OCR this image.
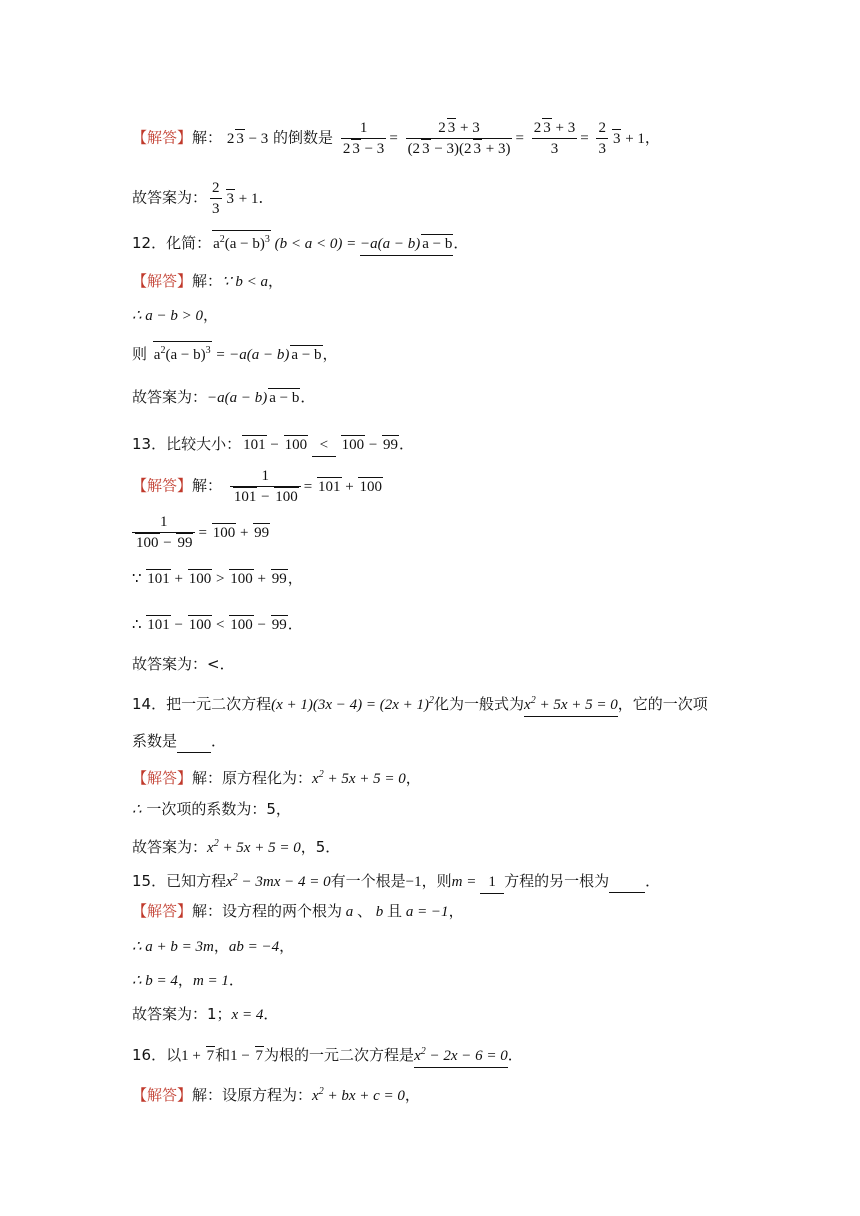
【解答】解： 2 3 − 3 的倒数是 $\frac{1}{2 3 - 3} = \frac{2 3 + 3}{(2 3 - 3)(2 3 + 3)} = \frac{2 3 + 3}{3} = \frac{2}{3} 3 + 1$，
故答案为： $\frac{2}{3} 3 + 1$．
12．化简： $a^2(a - b)^3$ (b < a < 0) = −a(a − b) a − b．
【解答】解：∵ b < a，
∴ a − b > 0，
则 $a^2(a - b)^3 = -a(a - b) a - b$，
故答案为：−a(a − b) a − b．
13．比较大小： 101 − 100 < 100 − 99．
【解答】解： $\frac{1}{101 - 100} = 101 + 100$
$\frac{1}{100 - 99} = 100 + 99$
∵ 101 + 100 > 100 + 99，
∴ 101 − 100 < 100 − 99．
故答案为：<．
14．把一元二次方程$(x + 1)(3x - 4) = (2x + 1)^2$化为一般式为$x^2 + 5x + 5 = 0$，它的一次项
系数是 ．
【解答】解：原方程化为：$x^2 + 5x + 5 = 0$，
∴ 一次项的系数为：5，
故答案为：$x^2 + 5x + 5 = 0$，5．
15．已知方程$x^2 - 3mx - 4 = 0$有一个根是−1，则m = 1 方程的另一根为 ．
【解答】解：设方程的两个根为 a 、 b 且 a = −1，
∴ a + b = 3m，ab = −4，
∴ b = 4，m = 1．
故答案为：1；x = 4．
16．以1 + 7和1 − 7为根的一元二次方程是$x^2 - 2x - 6 = 0$．
【解答】解：设原方程为：$x^2$ + bx + c = 0，
